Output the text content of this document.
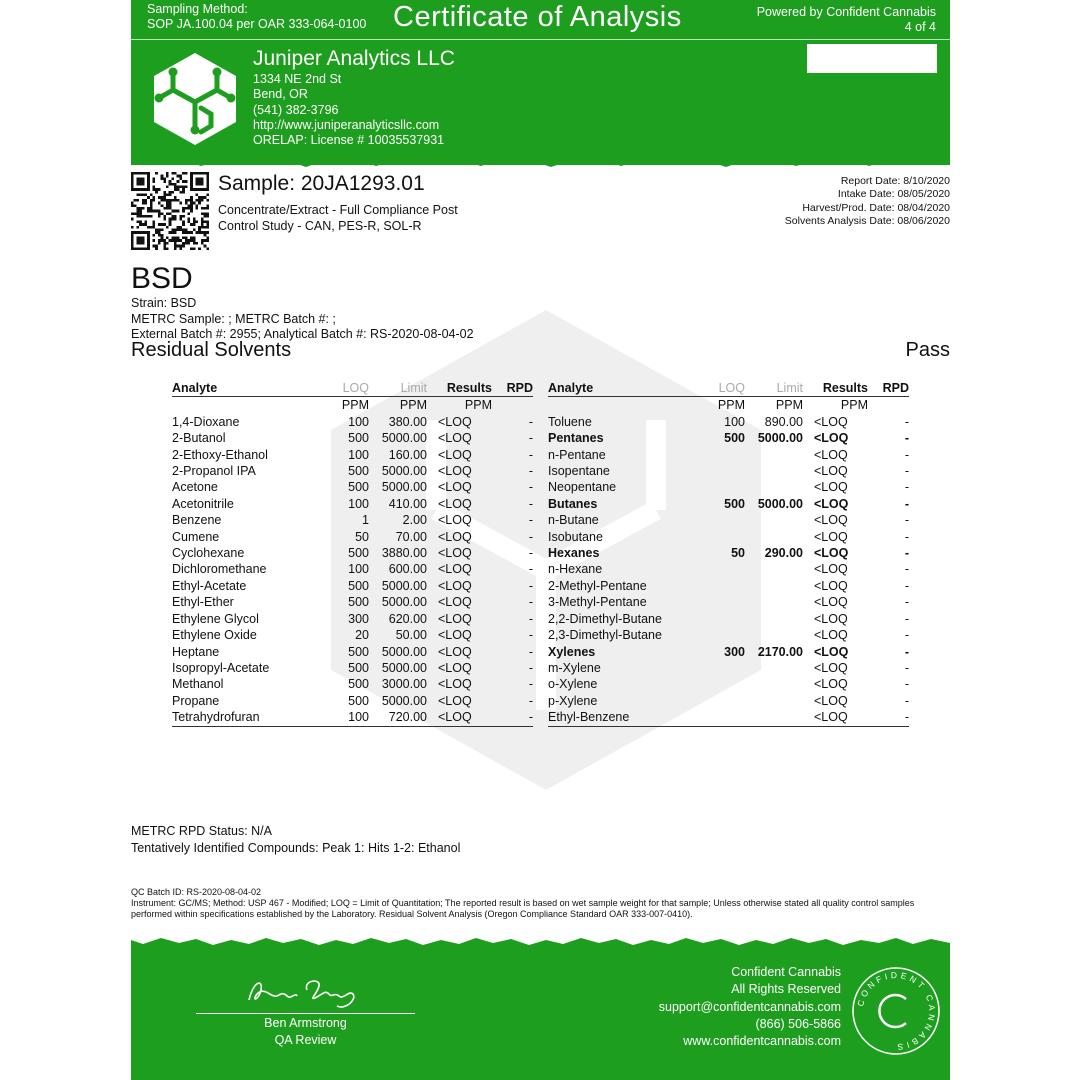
Sampling Method:
SOP JA.100.04 per OAR 333-064-0100 Certificate of Analysis	Powered by Confident Cannabis
4 of 4
Juniper Analytics LLC
1334 NE 2nd St
Bend, OR
(541) 382-3796
http://www.juniperanalyticsllc.com
ORELAP: License # 10035537931
Sample: 20JA1293.01
Concentrate/Extract - Full Compliance Post
Control Study - CAN, PES-R, SOL-R
Report Date: 8/10/2020
Intake Date: 08/05/2020
Harvest/Prod. Date: 08/04/2020
Solvents Analysis Date: 08/06/2020
BSD
Strain: BSD
METRC Sample: ; METRC Batch #: ;
External Batch #: 2955; Analytical Batch #: RS-2020-08-04-02
Residual Solvents	Pass
Analyte	LOQ	Limit	Results	RPD
	PPM	PPM	PPM	
1,4-Dioxane	100	380.00	<LOQ	-
2-Butanol	500	5000.00	<LOQ	-
2-Ethoxy-Ethanol	100	160.00	<LOQ	-
2-Propanol IPA	500	5000.00	<LOQ	-
Acetone	500	5000.00	<LOQ	-
Acetonitrile	100	410.00	<LOQ	-
Benzene	1	2.00	<LOQ	-
Cumene	50	70.00	<LOQ	-
Cyclohexane	500	3880.00	<LOQ	-
Dichloromethane	100	600.00	<LOQ	-
Ethyl-Acetate	500	5000.00	<LOQ	-
Ethyl-Ether	500	5000.00	<LOQ	-
Ethylene Glycol	300	620.00	<LOQ	-
Ethylene Oxide	20	50.00	<LOQ	-
Heptane	500	5000.00	<LOQ	-
Isopropyl-Acetate	500	5000.00	<LOQ	-
Methanol	500	3000.00	<LOQ	-
Propane	500	5000.00	<LOQ	-
Tetrahydrofuran	100	720.00	<LOQ	-
Analyte	LOQ	Limit	Results	RPD
	PPM	PPM	PPM	
Toluene	100	890.00	<LOQ	-
Pentanes	500	5000.00	<LOQ	-
n-Pentane			<LOQ	-
Isopentane			<LOQ	-
Neopentane			<LOQ	-
Butanes	500	5000.00	<LOQ	-
n-Butane			<LOQ	-
Isobutane			<LOQ	-
Hexanes	50	290.00	<LOQ	-
n-Hexane			<LOQ	-
2-Methyl-Pentane			<LOQ	-
3-Methyl-Pentane			<LOQ	-
2,2-Dimethyl-Butane			<LOQ	-
2,3-Dimethyl-Butane			<LOQ	-
Xylenes	300	2170.00	<LOQ	-
m-Xylene			<LOQ	-
o-Xylene			<LOQ	-
p-Xylene			<LOQ	-
Ethyl-Benzene			<LOQ	-
METRC RPD Status: N/A
Tentatively Identified Compounds: Peak 1: Hits 1-2: Ethanol
QC Batch ID: RS-2020-08-04-02
Instrument: GC/MS; Method: USP 467 - Modified; LOQ = Limit of Quantitation; The reported result is based on wet sample weight for that sample; Unless otherwise stated all quality control samples performed within specifications established by the Laboratory. Residual Solvent Analysis (Oregon Compliance Standard OAR 333-007-0410).
Ben Armstrong
QA Review
Confident Cannabis
All Rights Reserved
support@confidentcannabis.com
(866) 506-5866
www.confidentcannabis.com
CONFIDENT CANNABIS
